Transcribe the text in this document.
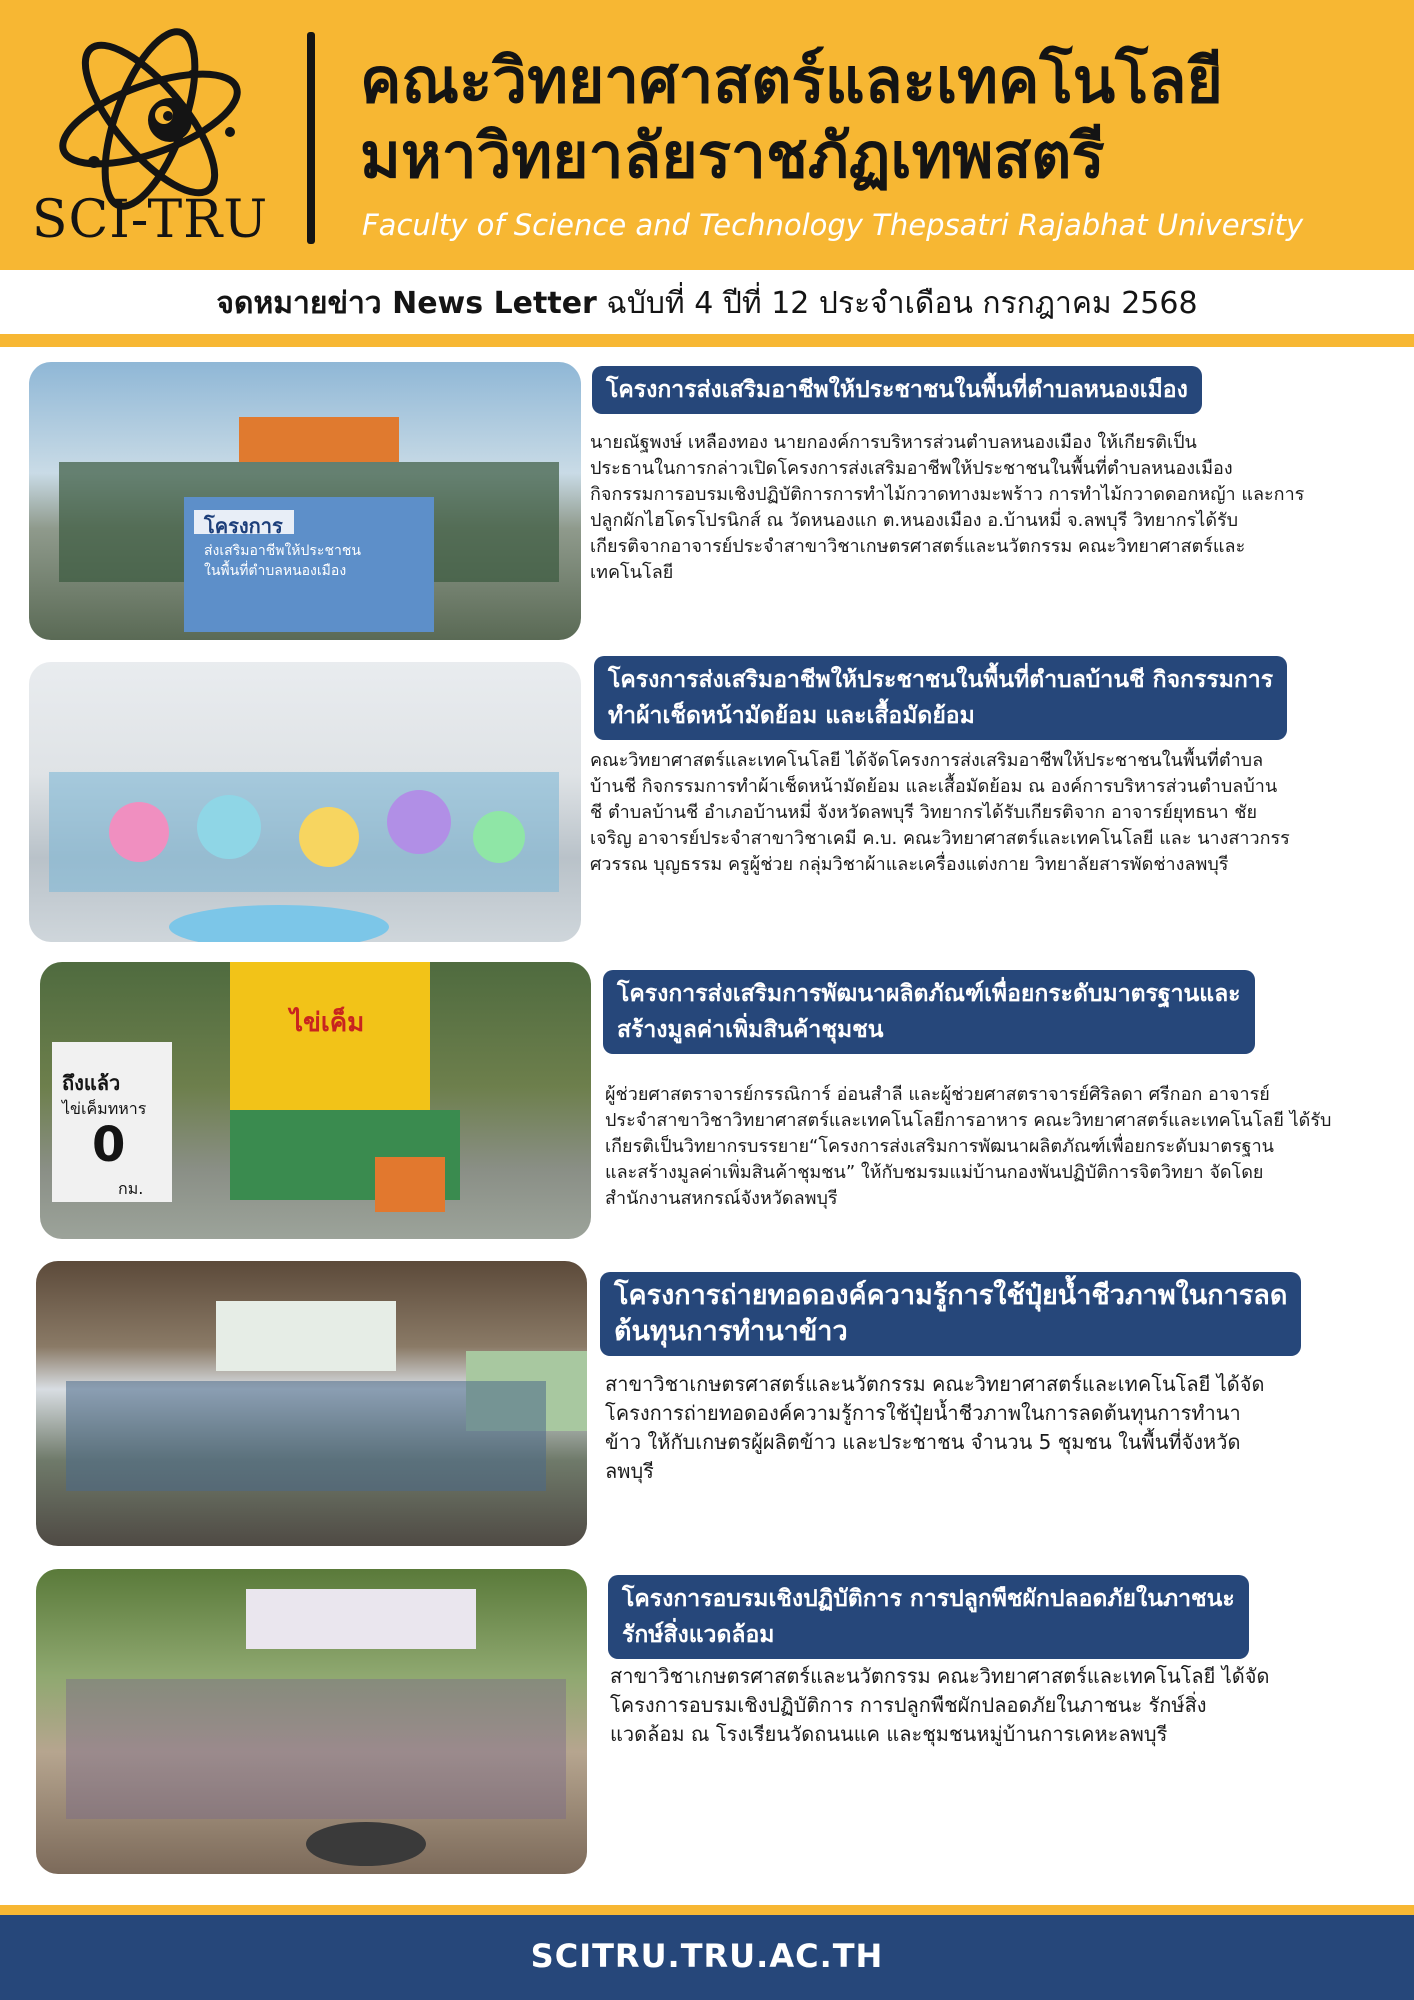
SCI-TRU
คณะวิทยาศาสตร์และเทคโนโลยี
มหาวิทยาลัยราชภัฏเทพสตรี
Faculty of Science and Technology Thepsatri Rajabhat University
จดหมายข่าว News Letter ฉบับที่ 4 ปีที่ 12 ประจำเดือน กรกฎาคม 2568
โครงการ
ส่งเสริมอาชีพให้ประชาชน
ในพื้นที่ตำบลหนองเมือง
โครงการส่งเสริมอาชีพให้ประชาชนในพื้นที่ตำบลหนองเมือง
นายณัฐพงษ์ เหลืองทอง นายกองค์การบริหารส่วนตำบลหนองเมือง ให้เกียรติเป็น
ประธานในการกล่าวเปิดโครงการส่งเสริมอาชีพให้ประชาชนในพื้นที่ตำบลหนองเมือง
กิจกรรมการอบรมเชิงปฏิบัติการการทำไม้กวาดทางมะพร้าว การทำไม้กวาดดอกหญ้า และการ
ปลูกผักไฮโดรโปรนิกส์ ณ วัดหนองแก ต.หนองเมือง อ.บ้านหมี่ จ.ลพบุรี วิทยากรได้รับ
เกียรติจากอาจารย์ประจำสาขาวิชาเกษตรศาสตร์และนวัตกรรม คณะวิทยาศาสตร์และ
เทคโนโลยี
โครงการส่งเสริมอาชีพให้ประชาชนในพื้นที่ตำบลบ้านชี กิจกรรมการ
ทำผ้าเช็ดหน้ามัดย้อม และเสื้อมัดย้อม
คณะวิทยาศาสตร์และเทคโนโลยี ได้จัดโครงการส่งเสริมอาชีพให้ประชาชนในพื้นที่ตำบล
บ้านชี กิจกรรมการทำผ้าเช็ดหน้ามัดย้อม และเสื้อมัดย้อม ณ องค์การบริหารส่วนตำบลบ้าน
ชี ตำบลบ้านชี อำเภอบ้านหมี่ จังหวัดลพบุรี วิทยากรได้รับเกียรติจาก อาจารย์ยุทธนา ชัย
เจริญ อาจารย์ประจำสาขาวิชาเคมี ค.บ. คณะวิทยาศาสตร์และเทคโนโลยี และ นางสาวกรร
ศวรรณ บุญธรรม ครูผู้ช่วย กลุ่มวิชาผ้าและเครื่องแต่งกาย วิทยาลัยสารพัดช่างลพบุรี
ไข่เค็ม
ถึงแล้ว
ไข่เค็มทหาร
0
กม.
โครงการส่งเสริมการพัฒนาผลิตภัณฑ์เพื่อยกระดับมาตรฐานและ
สร้างมูลค่าเพิ่มสินค้าชุมชน
ผู้ช่วยศาสตราจารย์กรรณิการ์ อ่อนสำลี และผู้ช่วยศาสตราจารย์ศิริลดา ศรีกอก อาจารย์
ประจำสาขาวิชาวิทยาศาสตร์และเทคโนโลยีการอาหาร คณะวิทยาศาสตร์และเทคโนโลยี ได้รับ
เกียรติเป็นวิทยากรบรรยาย“โครงการส่งเสริมการพัฒนาผลิตภัณฑ์เพื่อยกระดับมาตรฐาน
และสร้างมูลค่าเพิ่มสินค้าชุมชน” ให้กับชมรมแม่บ้านกองพันปฏิบัติการจิตวิทยา จัดโดย
สำนักงานสหกรณ์จังหวัดลพบุรี
โครงการถ่ายทอดองค์ความรู้การใช้ปุ๋ยน้ำชีวภาพในการลด
ต้นทุนการทำนาข้าว
สาขาวิชาเกษตรศาสตร์และนวัตกรรม คณะวิทยาศาสตร์และเทคโนโลยี ได้จัด
โครงการถ่ายทอดองค์ความรู้การใช้ปุ๋ยน้ำชีวภาพในการลดต้นทุนการทำนา
ข้าว ให้กับเกษตรผู้ผลิตข้าว และประชาชน จำนวน 5 ชุมชน ในพื้นที่จังหวัด
ลพบุรี
โครงการอบรมเชิงปฏิบัติการ การปลูกพืชผักปลอดภัยในภาชนะ
รักษ์สิ่งแวดล้อม
สาขาวิชาเกษตรศาสตร์และนวัตกรรม คณะวิทยาศาสตร์และเทคโนโลยี ได้จัด
โครงการอบรมเชิงปฏิบัติการ การปลูกพืชผักปลอดภัยในภาชนะ รักษ์สิ่ง
แวดล้อม ณ โรงเรียนวัดถนนแค และชุมชนหมู่บ้านการเคหะลพบุรี
SCITRU.TRU.AC.TH
